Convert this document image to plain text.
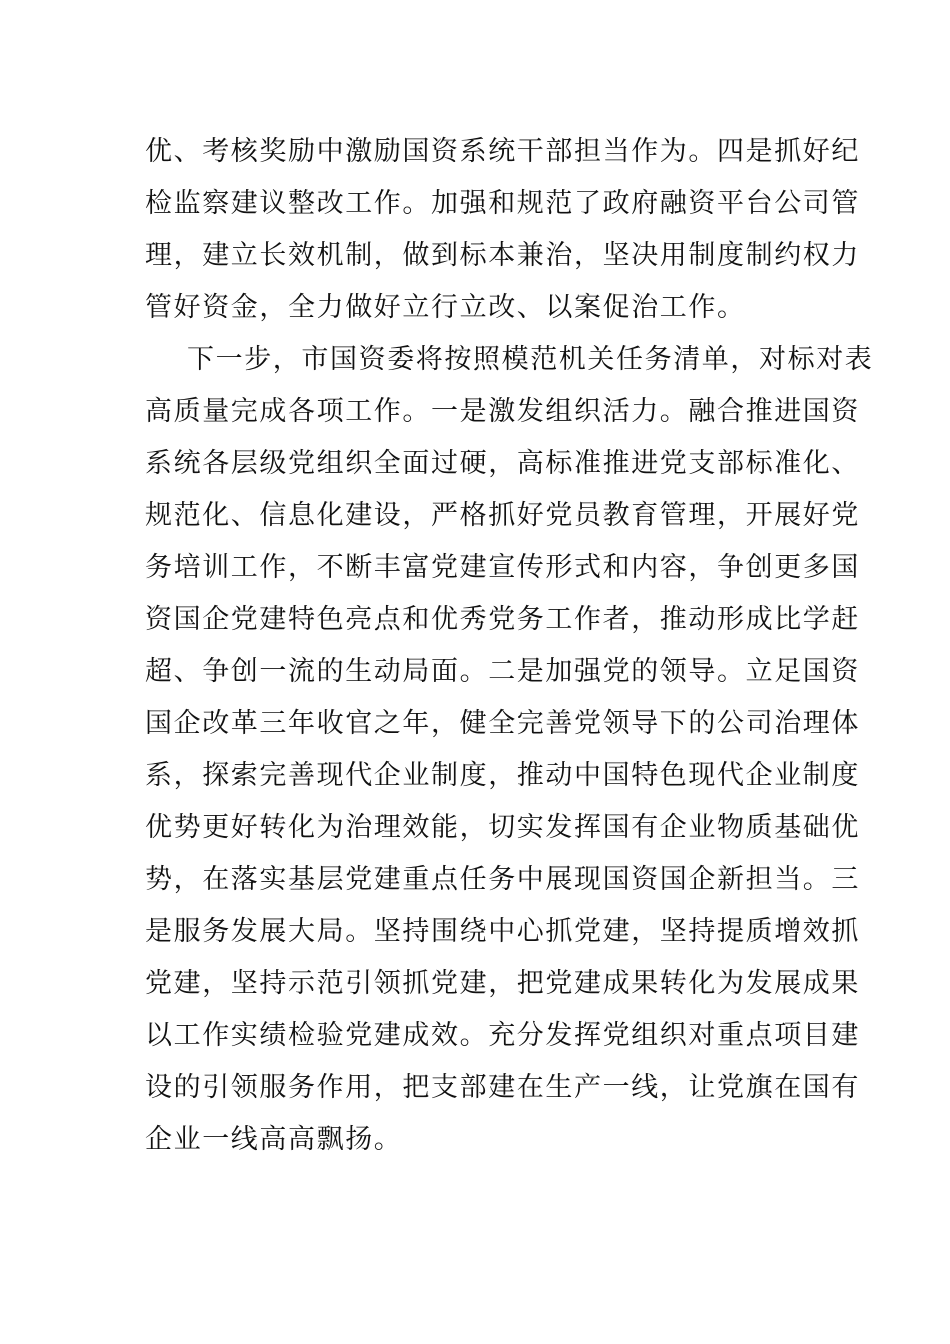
优、考核奖励中激励国资系统干部担当作为。四是抓好纪
检监察建议整改工作。加强和规范了政府融资平台公司管
理，建立长效机制，做到标本兼治，坚决用制度制约权力
管好资金，全力做好立行立改、以案促治工作。
下一步，市国资委将按照模范机关任务清单，对标对表
高质量完成各项工作。一是激发组织活力。融合推进国资
系统各层级党组织全面过硬，高标准推进党支部标准化、
规范化、信息化建设，严格抓好党员教育管理，开展好党
务培训工作，不断丰富党建宣传形式和内容，争创更多国
资国企党建特色亮点和优秀党务工作者，推动形成比学赶
超、争创一流的生动局面。二是加强党的领导。立足国资
国企改革三年收官之年，健全完善党领导下的公司治理体
系，探索完善现代企业制度，推动中国特色现代企业制度
优势更好转化为治理效能，切实发挥国有企业物质基础优
势，在落实基层党建重点任务中展现国资国企新担当。三
是服务发展大局。坚持围绕中心抓党建，坚持提质增效抓
党建，坚持示范引领抓党建，把党建成果转化为发展成果
以工作实绩检验党建成效。充分发挥党组织对重点项目建
设的引领服务作用，把支部建在生产一线，让党旗在国有
企业一线高高飘扬。
